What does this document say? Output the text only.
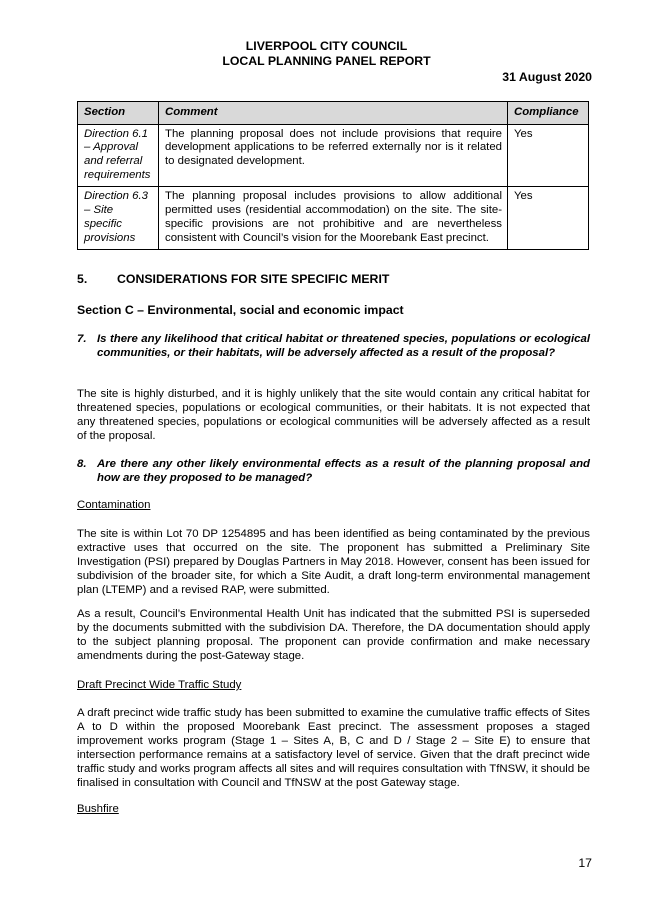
LIVERPOOL CITY COUNCIL
LOCAL PLANNING PANEL REPORT
31 August 2020
Section	Comment	Compliance
Direction 6.1 – Approval and referral requirements	The planning proposal does not include provisions that require development applications to be referred externally nor is it related to designated development.	Yes
Direction 6.3 – Site specific provisions	The planning proposal includes provisions to allow additional permitted uses (residential accommodation) on the site. The site-specific provisions are not prohibitive and are nevertheless consistent with Council’s vision for the Moorebank East precinct.	Yes
5. CONSIDERATIONS FOR SITE SPECIFIC MERIT
Section C – Environmental, social and economic impact
7. Is there any likelihood that critical habitat or threatened species, populations or ecological communities, or their habitats, will be adversely affected as a result of the proposal?
The site is highly disturbed, and it is highly unlikely that the site would contain any critical habitat for threatened species, populations or ecological communities, or their habitats. It is not expected that any threatened species, populations or ecological communities will be adversely affected as a result of the proposal.
8. Are there any other likely environmental effects as a result of the planning proposal and how are they proposed to be managed?
Contamination
The site is within Lot 70 DP 1254895 and has been identified as being contaminated by the previous extractive uses that occurred on the site. The proponent has submitted a Preliminary Site Investigation (PSI) prepared by Douglas Partners in May 2018. However, consent has been issued for subdivision of the broader site, for which a Site Audit, a draft long-term environmental management plan (LTEMP) and a revised RAP, were submitted.
As a result, Council’s Environmental Health Unit has indicated that the submitted PSI is superseded by the documents submitted with the subdivision DA. Therefore, the DA documentation should apply to the subject planning proposal. The proponent can provide confirmation and make necessary amendments during the post-Gateway stage.
Draft Precinct Wide Traffic Study
A draft precinct wide traffic study has been submitted to examine the cumulative traffic effects of Sites A to D within the proposed Moorebank East precinct. The assessment proposes a staged improvement works program (Stage 1 – Sites A, B, C and D / Stage 2 – Site E) to ensure that intersection performance remains at a satisfactory level of service. Given that the draft precinct wide traffic study and works program affects all sites and will requires consultation with TfNSW, it should be finalised in consultation with Council and TfNSW at the post Gateway stage.
Bushfire
17
